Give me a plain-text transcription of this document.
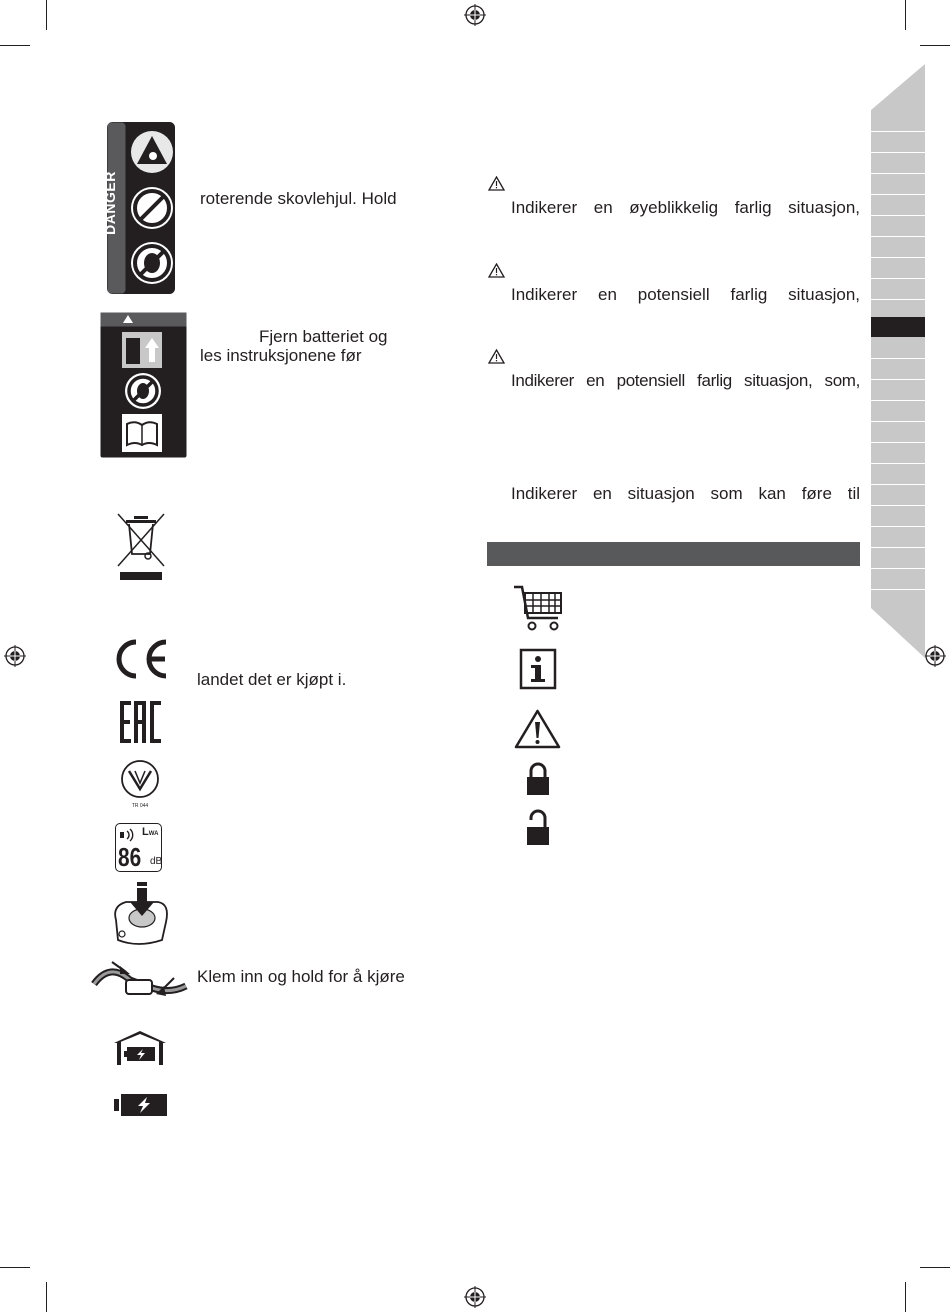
DANGER	roterende skovlehjul. Hold
Fjern batteriet og
les instruksjonene før
landet det er kjøpt i.
TR 044
LWA
86 dB
Klem inn og hold for å kjøre
Indikerer en øyeblikkelig farlig situasjon,
Indikerer en potensiell farlig situasjon,
Indikerer en potensiell farlig situasjon, som,
Indikerer en situasjon som kan føre til
